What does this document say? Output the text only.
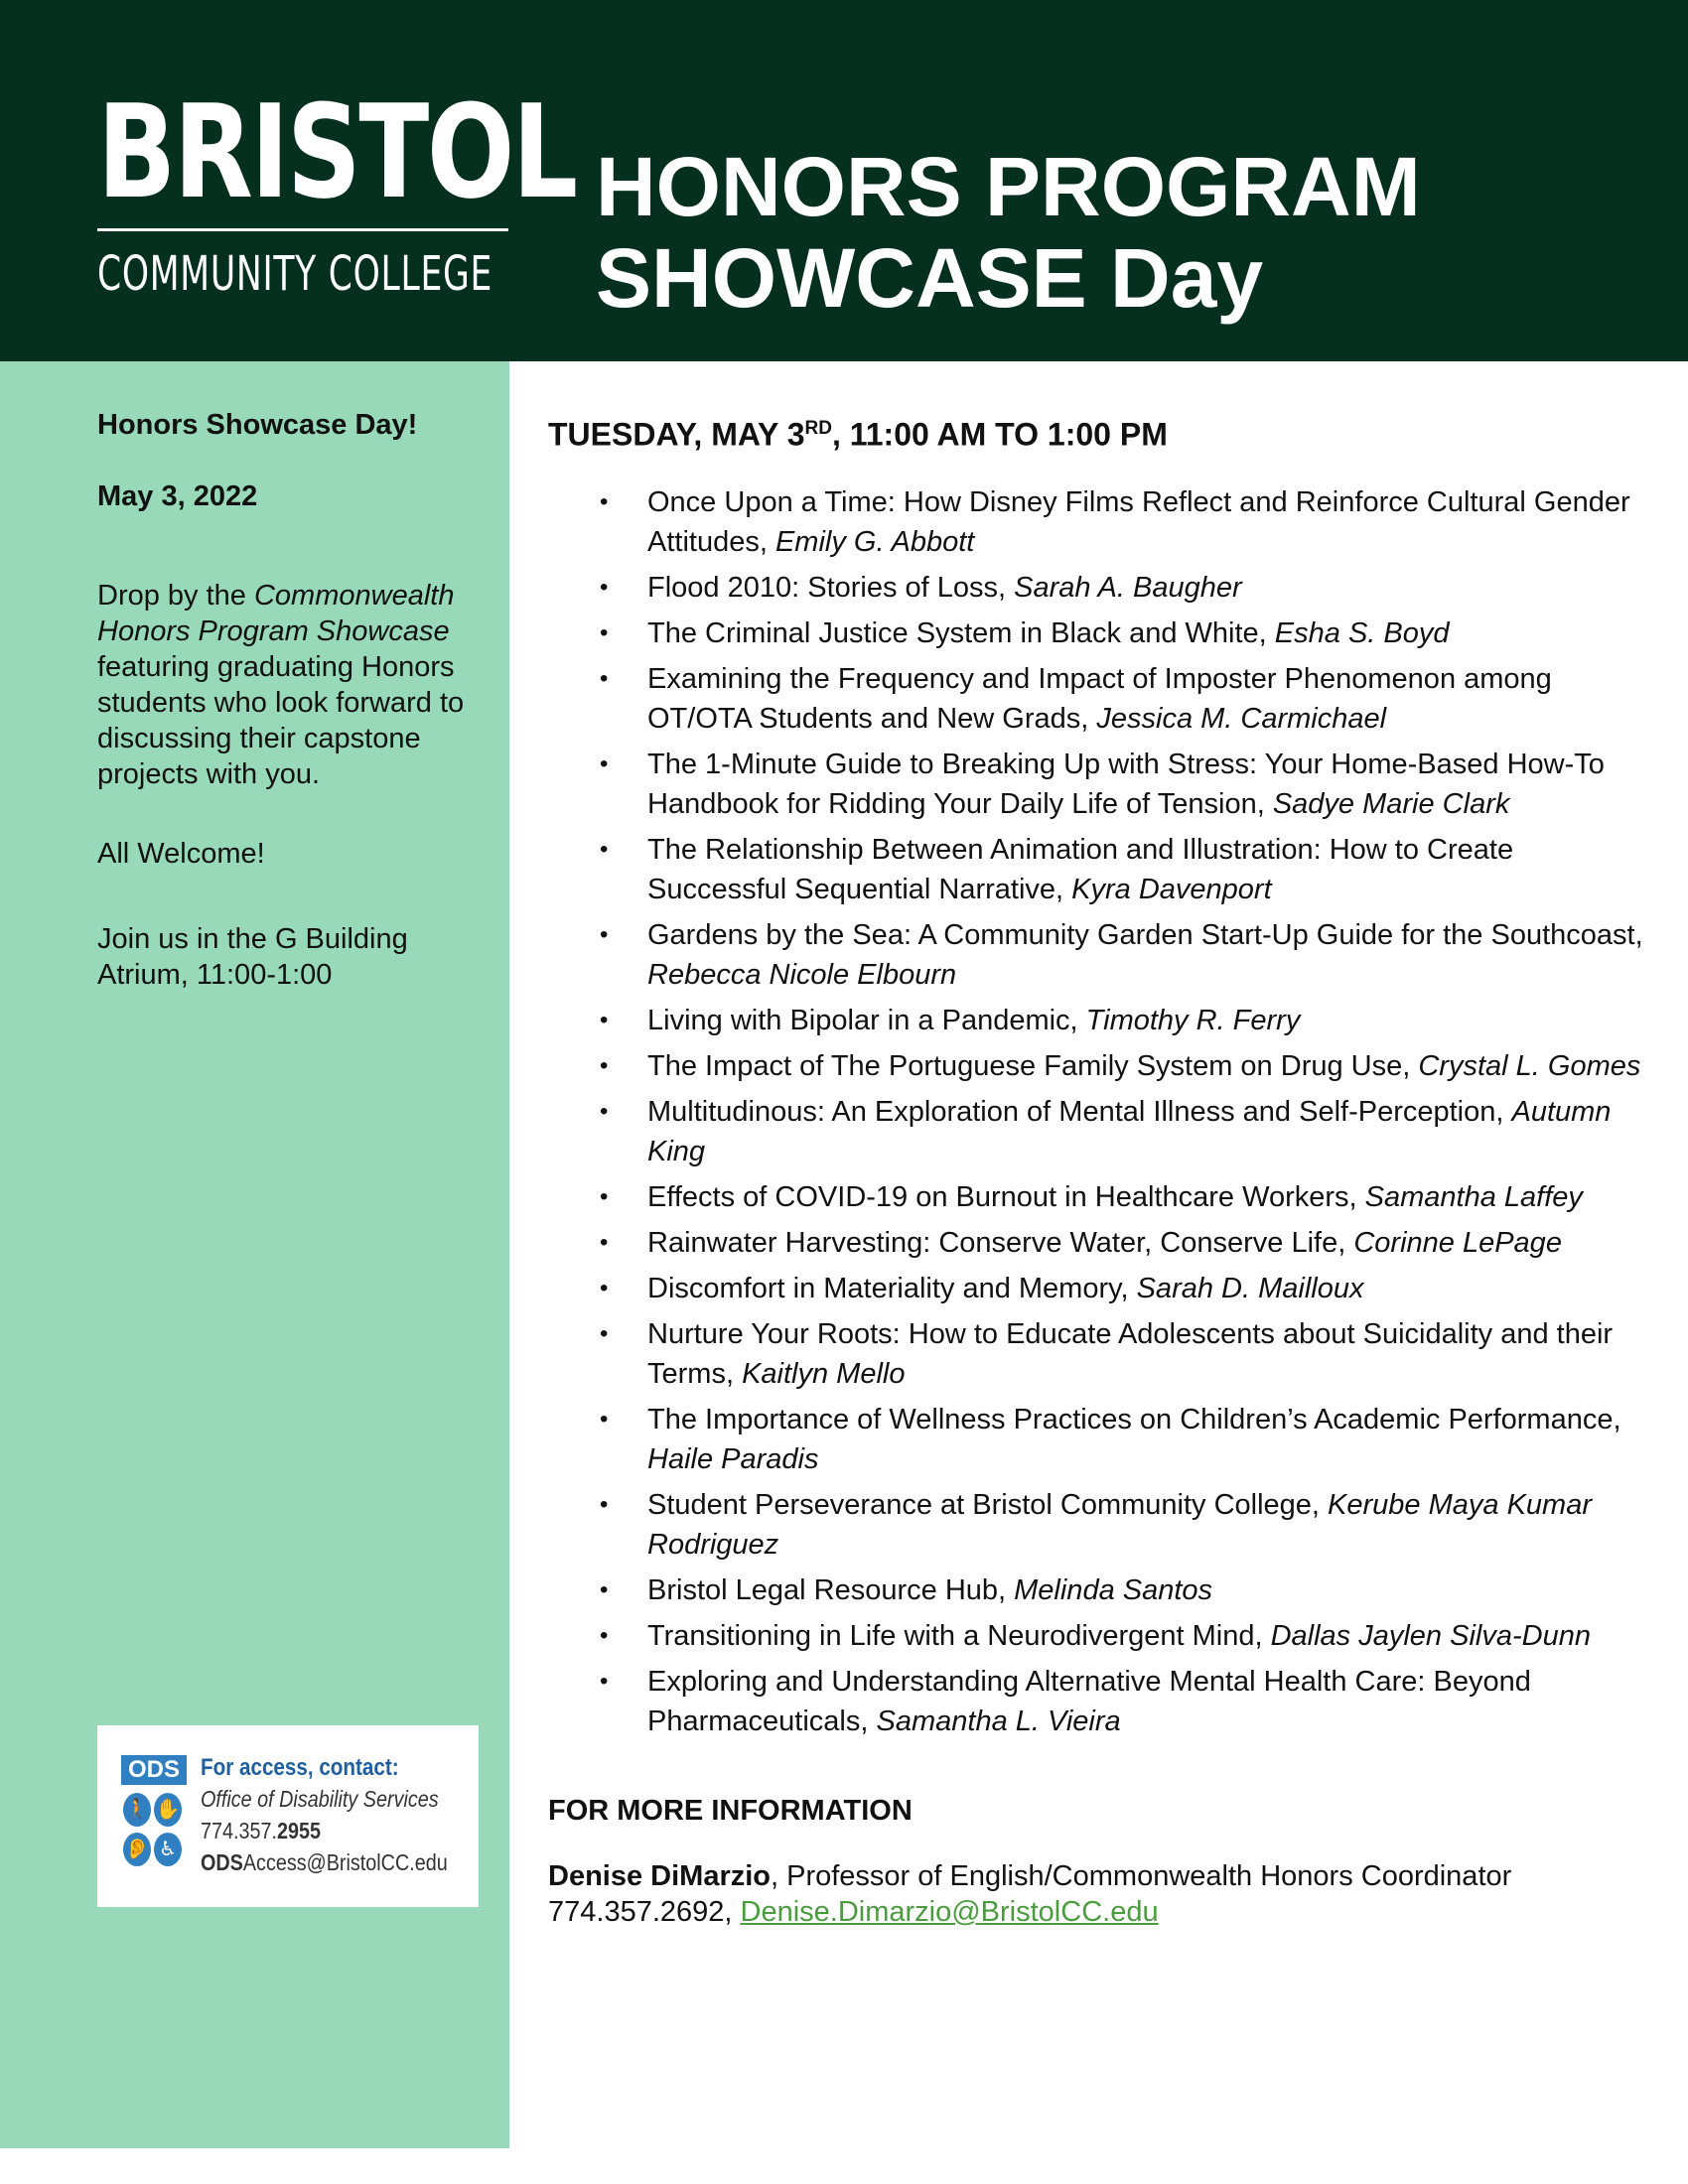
BRISTOL
COMMUNITY COLLEGE
HONORS PROGRAM
SHOWCASE Day

Honors Showcase Day!

May 3, 2022

Drop by the Commonwealth Honors Program Showcase featuring graduating Honors students who look forward to discussing their capstone projects with you.

All Welcome!

Join us in the G Building Atrium, 11:00-1:00

ODS
🚶 ✋👂 ♿
For access, contact:
Office of Disability Services
774.357.2955
ODSAccess@BristolCC.edu
TUESDAY, MAY 3RD, 11:00 AM TO 1:00 PM
• Once Upon a Time: How Disney Films Reflect and Reinforce Cultural Gender Attitudes, Emily G. Abbott
• Flood 2010: Stories of Loss, Sarah A. Baugher
• The Criminal Justice System in Black and White, Esha S. Boyd
• Examining the Frequency and Impact of Imposter Phenomenon among OT/OTA Students and New Grads, Jessica M. Carmichael
• The 1-Minute Guide to Breaking Up with Stress: Your Home-Based How-To Handbook for Ridding Your Daily Life of Tension, Sadye Marie Clark
• The Relationship Between Animation and Illustration: How to Create Successful Sequential Narrative, Kyra Davenport
• Gardens by the Sea: A Community Garden Start-Up Guide for the Southcoast, Rebecca Nicole Elbourn
• Living with Bipolar in a Pandemic, Timothy R. Ferry
• The Impact of The Portuguese Family System on Drug Use, Crystal L. Gomes
• Multitudinous: An Exploration of Mental Illness and Self-Perception, Autumn King
• Effects of COVID-19 on Burnout in Healthcare Workers, Samantha Laffey
• Rainwater Harvesting: Conserve Water, Conserve Life, Corinne LePage
• Discomfort in Materiality and Memory, Sarah D. Mailloux
• Nurture Your Roots: How to Educate Adolescents about Suicidality and their Terms, Kaitlyn Mello
• The Importance of Wellness Practices on Children’s Academic Performance, Haile Paradis
• Student Perseverance at Bristol Community College, Kerube Maya Kumar Rodriguez
• Bristol Legal Resource Hub, Melinda Santos
• Transitioning in Life with a Neurodivergent Mind, Dallas Jaylen Silva-Dunn
• Exploring and Understanding Alternative Mental Health Care: Beyond Pharmaceuticals, Samantha L. Vieira
FOR MORE INFORMATION

Denise DiMarzio, Professor of English/Commonwealth Honors Coordinator
774.357.2692, Denise.Dimarzio@BristolCC.edu
